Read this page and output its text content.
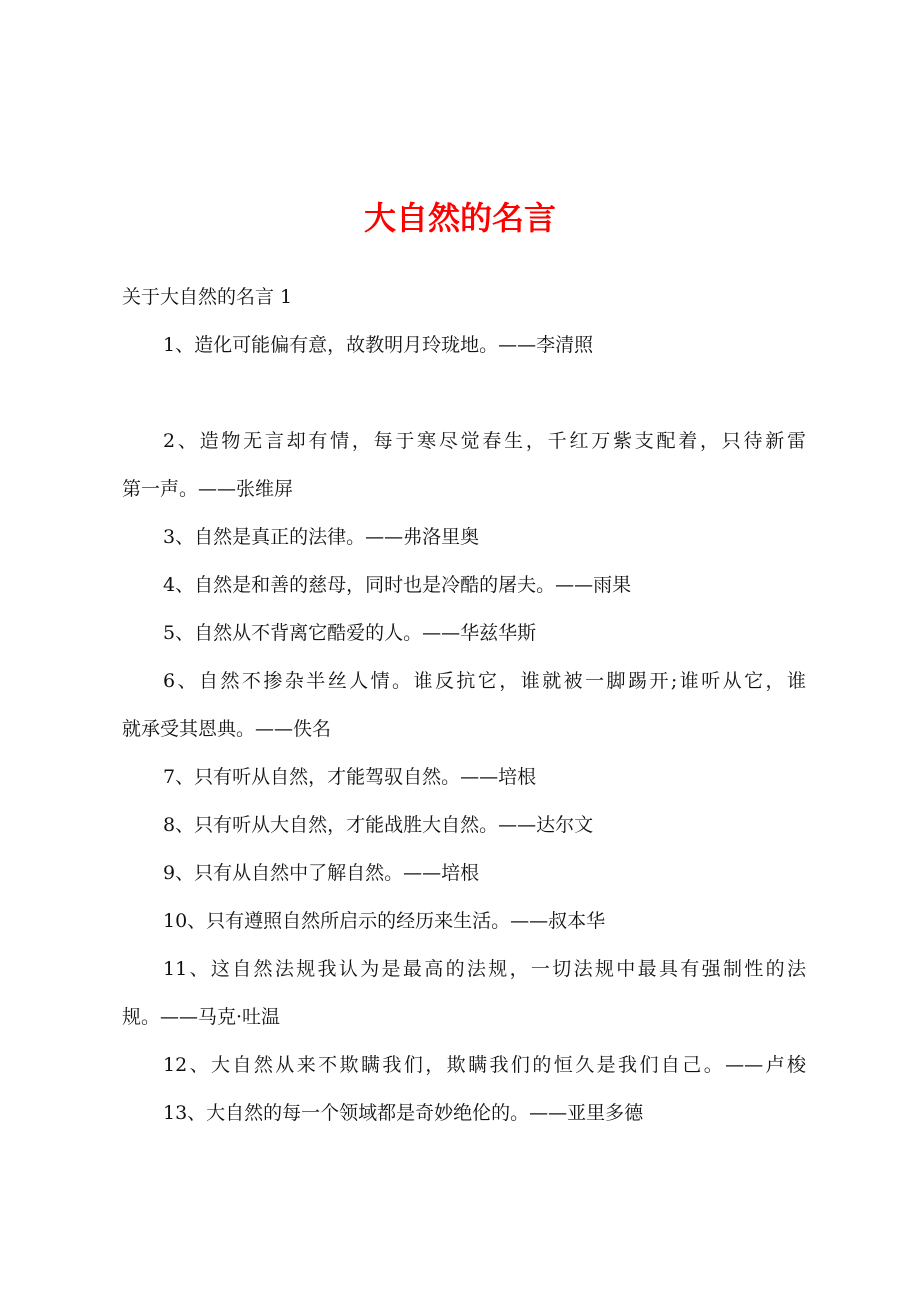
大自然的名言
关于大自然的名言 1
1、造化可能偏有意，故教明月玲珑地。——李清照
2、造物无言却有情，每于寒尽觉春生，千红万紫支配着，只待新雷
第一声。——张维屏
3、自然是真正的法律。——弗洛里奥
4、自然是和善的慈母，同时也是冷酷的屠夫。——雨果
5、自然从不背离它酷爱的人。——华兹华斯
6、自然不掺杂半丝人情。谁反抗它，谁就被一脚踢开;谁听从它，谁
就承受其恩典。——佚名
7、只有听从自然，才能驾驭自然。——培根
8、只有听从大自然，才能战胜大自然。——达尔文
9、只有从自然中了解自然。——培根
10、只有遵照自然所启示的经历来生活。——叔本华
11、这自然法规我认为是最高的法规，一切法规中最具有强制性的法
规。——马克·吐温
12、大自然从来不欺瞒我们，欺瞒我们的恒久是我们自己。——卢梭
13、大自然的每一个领域都是奇妙绝伦的。——亚里多德
